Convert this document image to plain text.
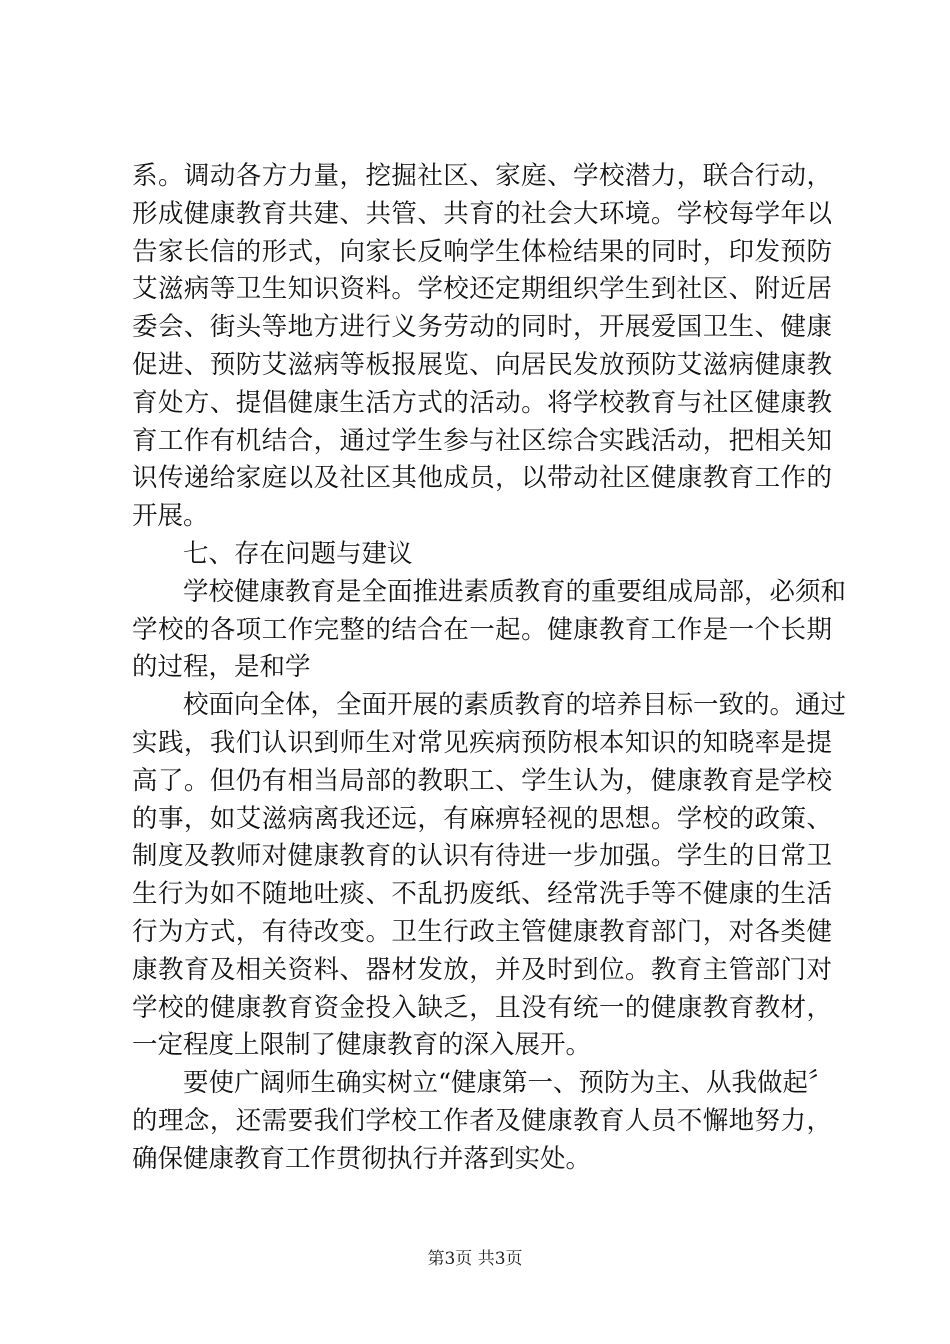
系。调动各方力量，挖掘社区、家庭、学校潜力，联合行动，
形成健康教育共建、共管、共育的社会大环境。学校每学年以
告家长信的形式，向家长反响学生体检结果的同时，印发预防
艾滋病等卫生知识资料。学校还定期组织学生到社区、附近居
委会、街头等地方进行义务劳动的同时，开展爱国卫生、健康
促进、预防艾滋病等板报展览、向居民发放预防艾滋病健康教
育处方、提倡健康生活方式的活动。将学校教育与社区健康教
育工作有机结合，通过学生参与社区综合实践活动，把相关知
识传递给家庭以及社区其他成员，以带动社区健康教育工作的
开展。
七、存在问题与建议
学校健康教育是全面推进素质教育的重要组成局部，必须和
学校的各项工作完整的结合在一起。健康教育工作是一个长期
的过程，是和学
校面向全体，全面开展的素质教育的培养目标一致的。通过
实践，我们认识到师生对常见疾病预防根本知识的知晓率是提
高了。但仍有相当局部的教职工、学生认为，健康教育是学校
的事，如艾滋病离我还远，有麻痹轻视的思想。学校的政策、
制度及教师对健康教育的认识有待进一步加强。学生的日常卫
生行为如不随地吐痰、不乱扔废纸、经常洗手等不健康的生活
行为方式，有待改变。卫生行政主管健康教育部门，对各类健
康教育及相关资料、器材发放，并及时到位。教育主管部门对
学校的健康教育资金投入缺乏，且没有统一的健康教育教材，
一定程度上限制了健康教育的深入展开。
要使广阔师生确实树立“健康第一、预防为主、从我做起〞
的理念，还需要我们学校工作者及健康教育人员不懈地努力，
确保健康教育工作贯彻执行并落到实处。
第3页 共3页
